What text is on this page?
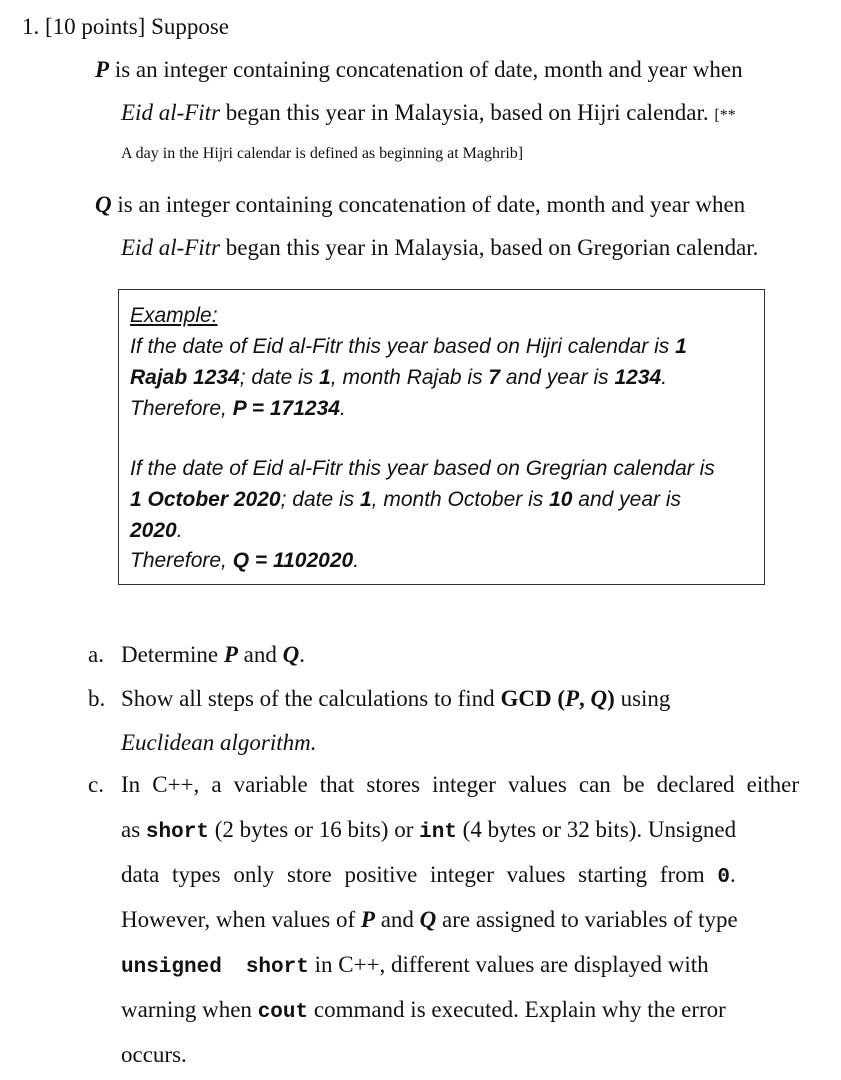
1. [10 points] Suppose
P is an integer containing concatenation of date, month and year when
Eid al-Fitr began this year in Malaysia, based on Hijri calendar. [**
A day in the Hijri calendar is defined as beginning at Maghrib]
Q is an integer containing concatenation of date, month and year when
Eid al-Fitr began this year in Malaysia, based on Gregorian calendar.
Example:
If the date of Eid al-Fitr this year based on Hijri calendar is 1
Rajab 1234; date is 1, month Rajab is 7 and year is 1234.
Therefore, P = 171234.
If the date of Eid al-Fitr this year based on Gregrian calendar is
1 October 2020; date is 1, month October is 10 and year is
2020.
Therefore, Q = 1102020.
a. Determine P and Q.
b. Show all steps of the calculations to find GCD (P, Q) using
Euclidean algorithm.
c. In C++, a variable that stores integer values can be declared either
as short (2 bytes or 16 bits) or int (4 bytes or 32 bits). Unsigned
data types only store positive integer values starting from 0.
However, when values of P and Q are assigned to variables of type
unsigned short in C++, different values are displayed with
warning when cout command is executed. Explain why the error
occurs.
